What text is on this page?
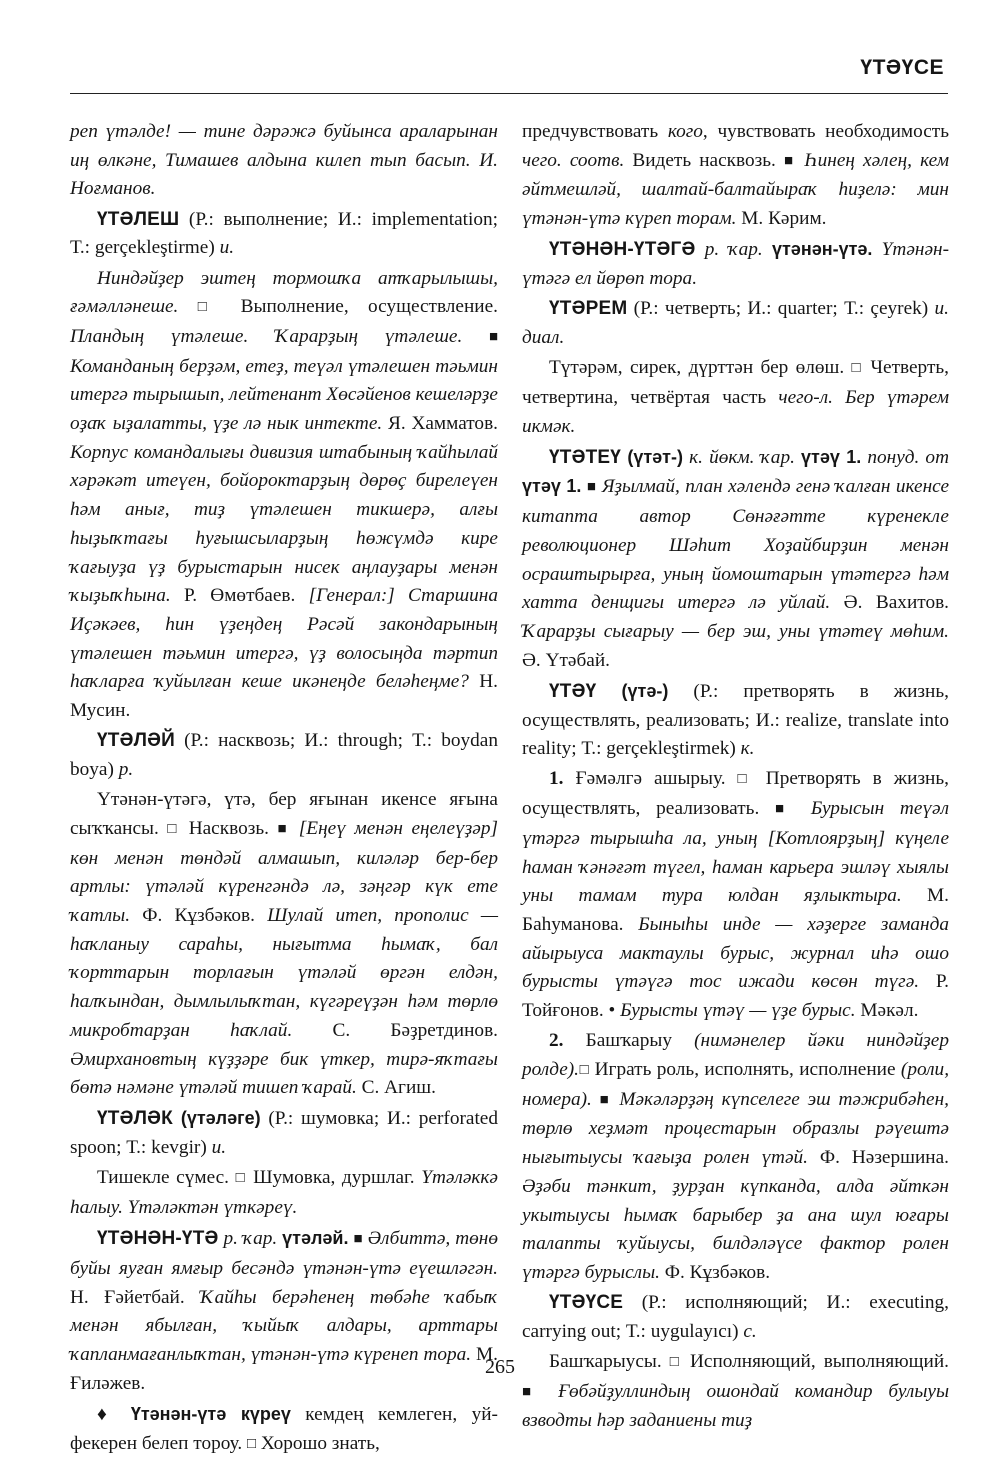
ҮТӘҮСЕ

реп үтәлде! — тине дәрәжә буйынса араларынан иң өлкәне, Тимашев алдына килеп тып басып. И. Ноғманов.

ҮТӘЛЕШ (Р.: выполнение; И.: implementation; Т.: gerçekleştirme) и.

Ниндәйҙер эштең тормошҡа атҡарылышы, ғәмәлләнеше. □ Выполнение, осуществление. Пландың үтәлеше. Ҡарарҙың үтәлеше. ■ Команданың берҙәм, етеҙ, теүәл үтәлешен тәьмин итергә тырышып, лейтенант Хөсәйенов кешеләрҙе оҙаҡ ыҙалатты, үҙе лә нык интекте. Я. Хамматов. Корпус командалығы дивизия штабының ҡайһылай хәрәкәт итеүен, бойороктарҙың дөрөҫ бирелеүен һәм анығ, тиҙ үтәлешен тикшерә, алғы һыҙыҡтағы һуғышсыларҙың һөжүмдә кире ҡағыуҙа үҙ бурыстарын нисек аңлауҙары менән ҡыҙыҡһына. Р. Өмөтбаев. [Генерал:] Старшина Иҫәкәев, һин үҙеңдең Рәсәй закондарының үтәлешен тәьмин итергә, үҙ волосыңда тәртип һаҡларға ҡуйылған кеше икәнеңде беләһеңме? Н. Мусин.

ҮТӘЛӘЙ (Р.: насквозь; И.: through; Т.: boydan boya) р.

Үтәнән-үтәгә, үтә, бер яғынан икенсе яғына сыҡҡансы. □ Насквозь. ■ [Еңеү менән еңелеүҙәр] көн менән төндәй алмашып, киләләр бер-бер артлы: үтәләй күренгәндә лә, зәңгәр күк ете ҡатлы. Ф. Кұзбәков. Шулай итеп, прополис — һаҡланыу сараһы, нығытма һымаҡ, бал ҡорттарын торлағын үтәләй өргән елдән, һалҡындан, дымлылыҡтан, күгәреүҙән һәм төрлө микробтарҙан һаҡлай. С. Бәҙретдинов. Әмирхановтың күҙҙәре бик үткер, тирә-яҡтағы бөтә нәмәне үтәләй тишеп ҡарай. С. Агиш.

ҮТӘЛӘК (үтәләге) (Р.: шумовка; И.: perforated spoon; Т.: kevgir) и.

Тишекле сүмес. □ Шумовка, дуршлаг. Үтәләккә һалыу. Үтәләктән үткәреү.

ҮТӘНӘН-ҮТӘ р. ҡар. үтәләй. ■ Әлбиттә, төнө буйы яуған ямғыр бесәндә үтәнән-үтә еүешләгән. Н. Ғәйетбай. Ҡайһы берәһенең төбәһе ҡабыҡ менән ябылған, ҡыйыҡ алдары, арттары ҡапланмағанлыҡтан, үтәнән-үтә күренеп тора. М. Ғиләжев.

♦ Үтәнән-үтә күреү кемдең кемлеген, уй-фекерен белеп тороу. □ Хорошо знать,

предчувствовать кого, чувствовать необходимость чего. соотв. Видеть насквозь. ■ Һинең хәлең, кем әйтмешләй, шалтай-балтайыраҡ һиҙелә: мин үтәнән-үтә күреп торам. М. Кәрим.

ҮТӘНӘН-ҮТӘГӘ р. ҡар. үтәнән-үтә. Үтәнән-үтәгә ел йөрөп тора.

ҮТӘРЕМ (Р.: четверть; И.: quarter; Т.: çeyrek) и. диал.

Түтәрәм, сирек, дүрттән бер өлөш. □ Четверть, четвертина, четвёртая часть чего-л. Бер үтәрем икмәк.

ҮТӘТЕҮ (үтәт-) к. йөкм. ҡар. үтәү 1. понуд. от үтәү 1. ■ Яҙылмай, план хәлендә генә ҡалған икенсе китапта автор Сөнәғәтте күренекле революционер Шәһит Хоҙайбирҙин менән осраштырырға, уның йомоштарын үтәтергә һәм хатта денщигы итергә лә уйлай. Ә. Вахитов. Ҡарарҙы сығарыу — бер эш, уны үтәтеү мөһим. Ә. Үтәбай.

ҮТӘҮ (үтә-) (Р.: претворять в жизнь, осуществлять, реализовать; И.: realize, translate into reality; Т.: gerçekleştirmek) к.

1. Ғәмәлгә ашырыу. □ Претворять в жизнь, осуществлять, реализовать. ■ Бурысын теүәл үтәргә тырышһа ла, уның [Котлоярҙың] күңеле һаман ҡәнәғәт түгел, һаман карьера эшләү хыялы уны тамам тура юлдан яҙлыктыра. М. Баһуманова. Быныһы инде — хәҙерге заманда айырыуса мактаулы бурыс, журнал иһә ошо бурысты үтәүгә тос ижади көсөн түгә. Р. Тойғонов. • Бурысты үтәү — үҙе бурыс. Мәкәл.

2. Башҡарыу (нимәнелер йәки ниндәйҙер ролде).□ Играть роль, исполнять, исполнение (роли, номера). ■ Мәкәләрҙәң күпселеге эш тәжрибәһен, төрлө хеҙмәт процестарын образлы рәүештә нығытыусы ҡағыҙа ролен үтәй. Ф. Нәзершина. Әҙәби тәнкит, ҙурҙан күпканда, алда әйткән укытыусы һымаҡ барыбер ҙа ана шул юғары талапты ҡуйыусы, билдәләүсе фактор ролен үтәргә бурыслы. Ф. Кұзбәков.

ҮТӘҮСЕ (Р.: исполняющий; И.: executing, carrying out; Т.: uygulayıcı) с.

Башҡарыусы. □ Исполняющий, выполняющий. ■ Ғөбәйҙуллиндың ошондай командир булыуы взводты һәр заданиены тиҙ

265
